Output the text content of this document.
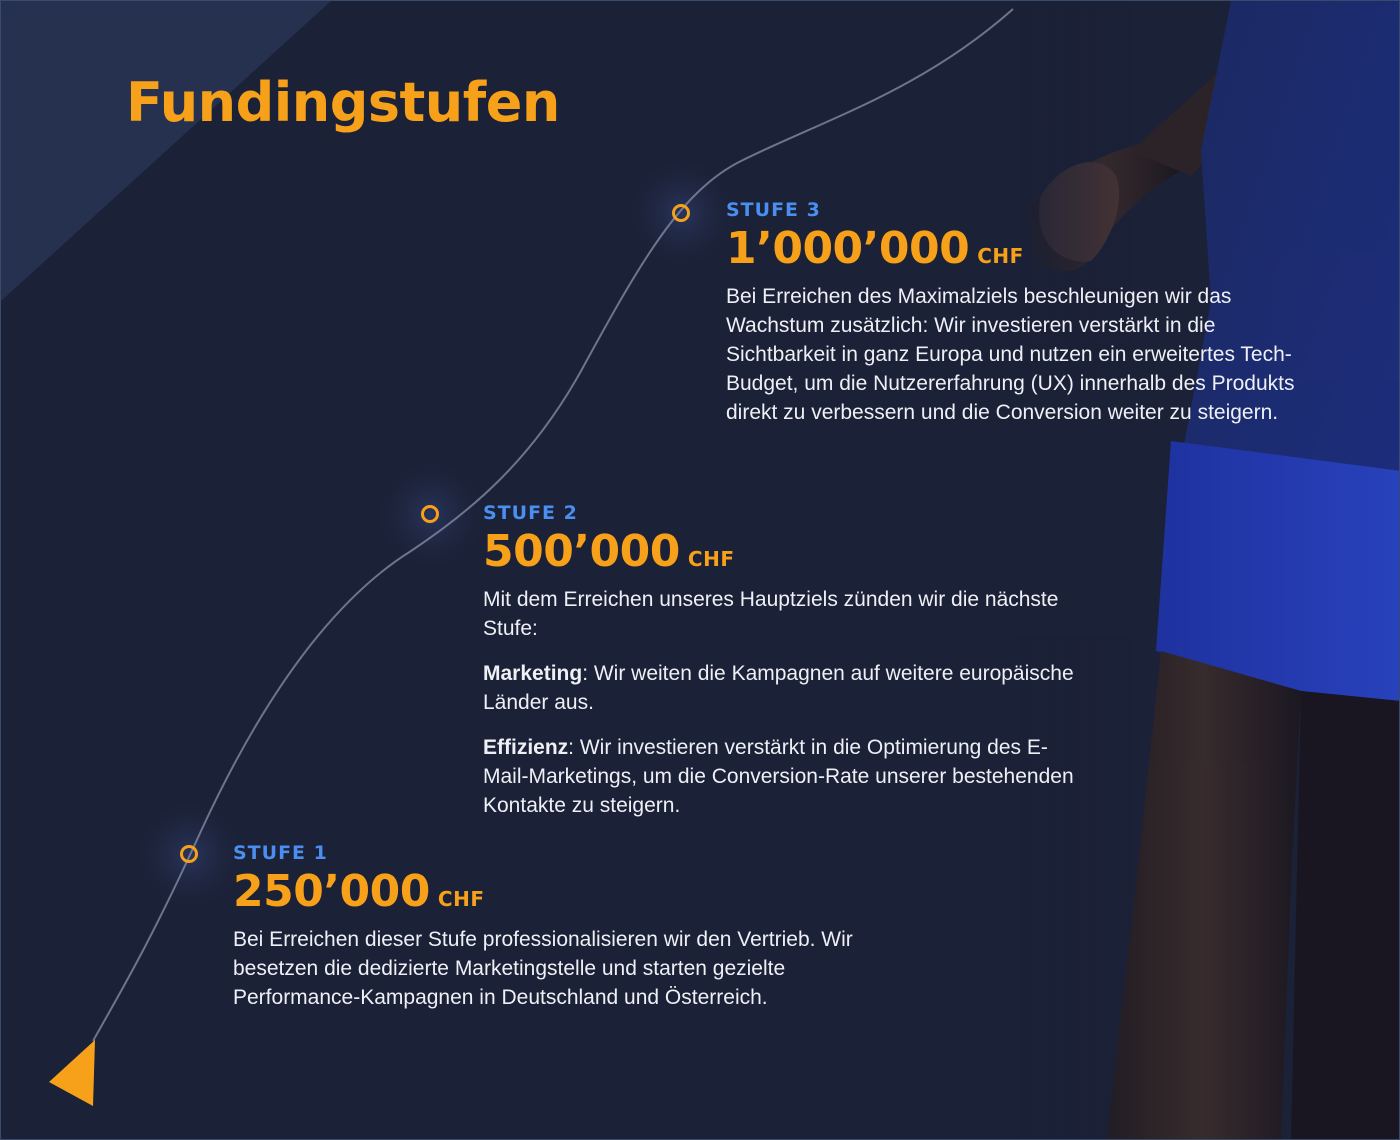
Fundingstufen
STUFE 3
1’000’000 CHF

Bei Erreichen des Maximalziels beschleunigen wir das Wachstum zusätzlich: Wir investieren verstärkt in die Sichtbarkeit in ganz Europa und nutzen ein erweitertes Tech-Budget, um die Nutzererfahrung (UX) innerhalb des Produkts direkt zu verbessern und die Conversion weiter zu steigern.

STUFE 2
500’000 CHF

Mit dem Erreichen unseres Hauptziels zünden wir die nächste Stufe:

Marketing: Wir weiten die Kampagnen auf weitere europäische Länder aus.

Effizienz: Wir investieren verstärkt in die Optimierung des E-Mail-Marketings, um die Conversion-Rate unserer bestehenden Kontakte zu steigern.

STUFE 1
250’000 CHF

Bei Erreichen dieser Stufe professionalisieren wir den Vertrieb. Wir besetzen die dedizierte Marketingstelle und starten gezielte Performance-Kampagnen in Deutschland und Österreich.
